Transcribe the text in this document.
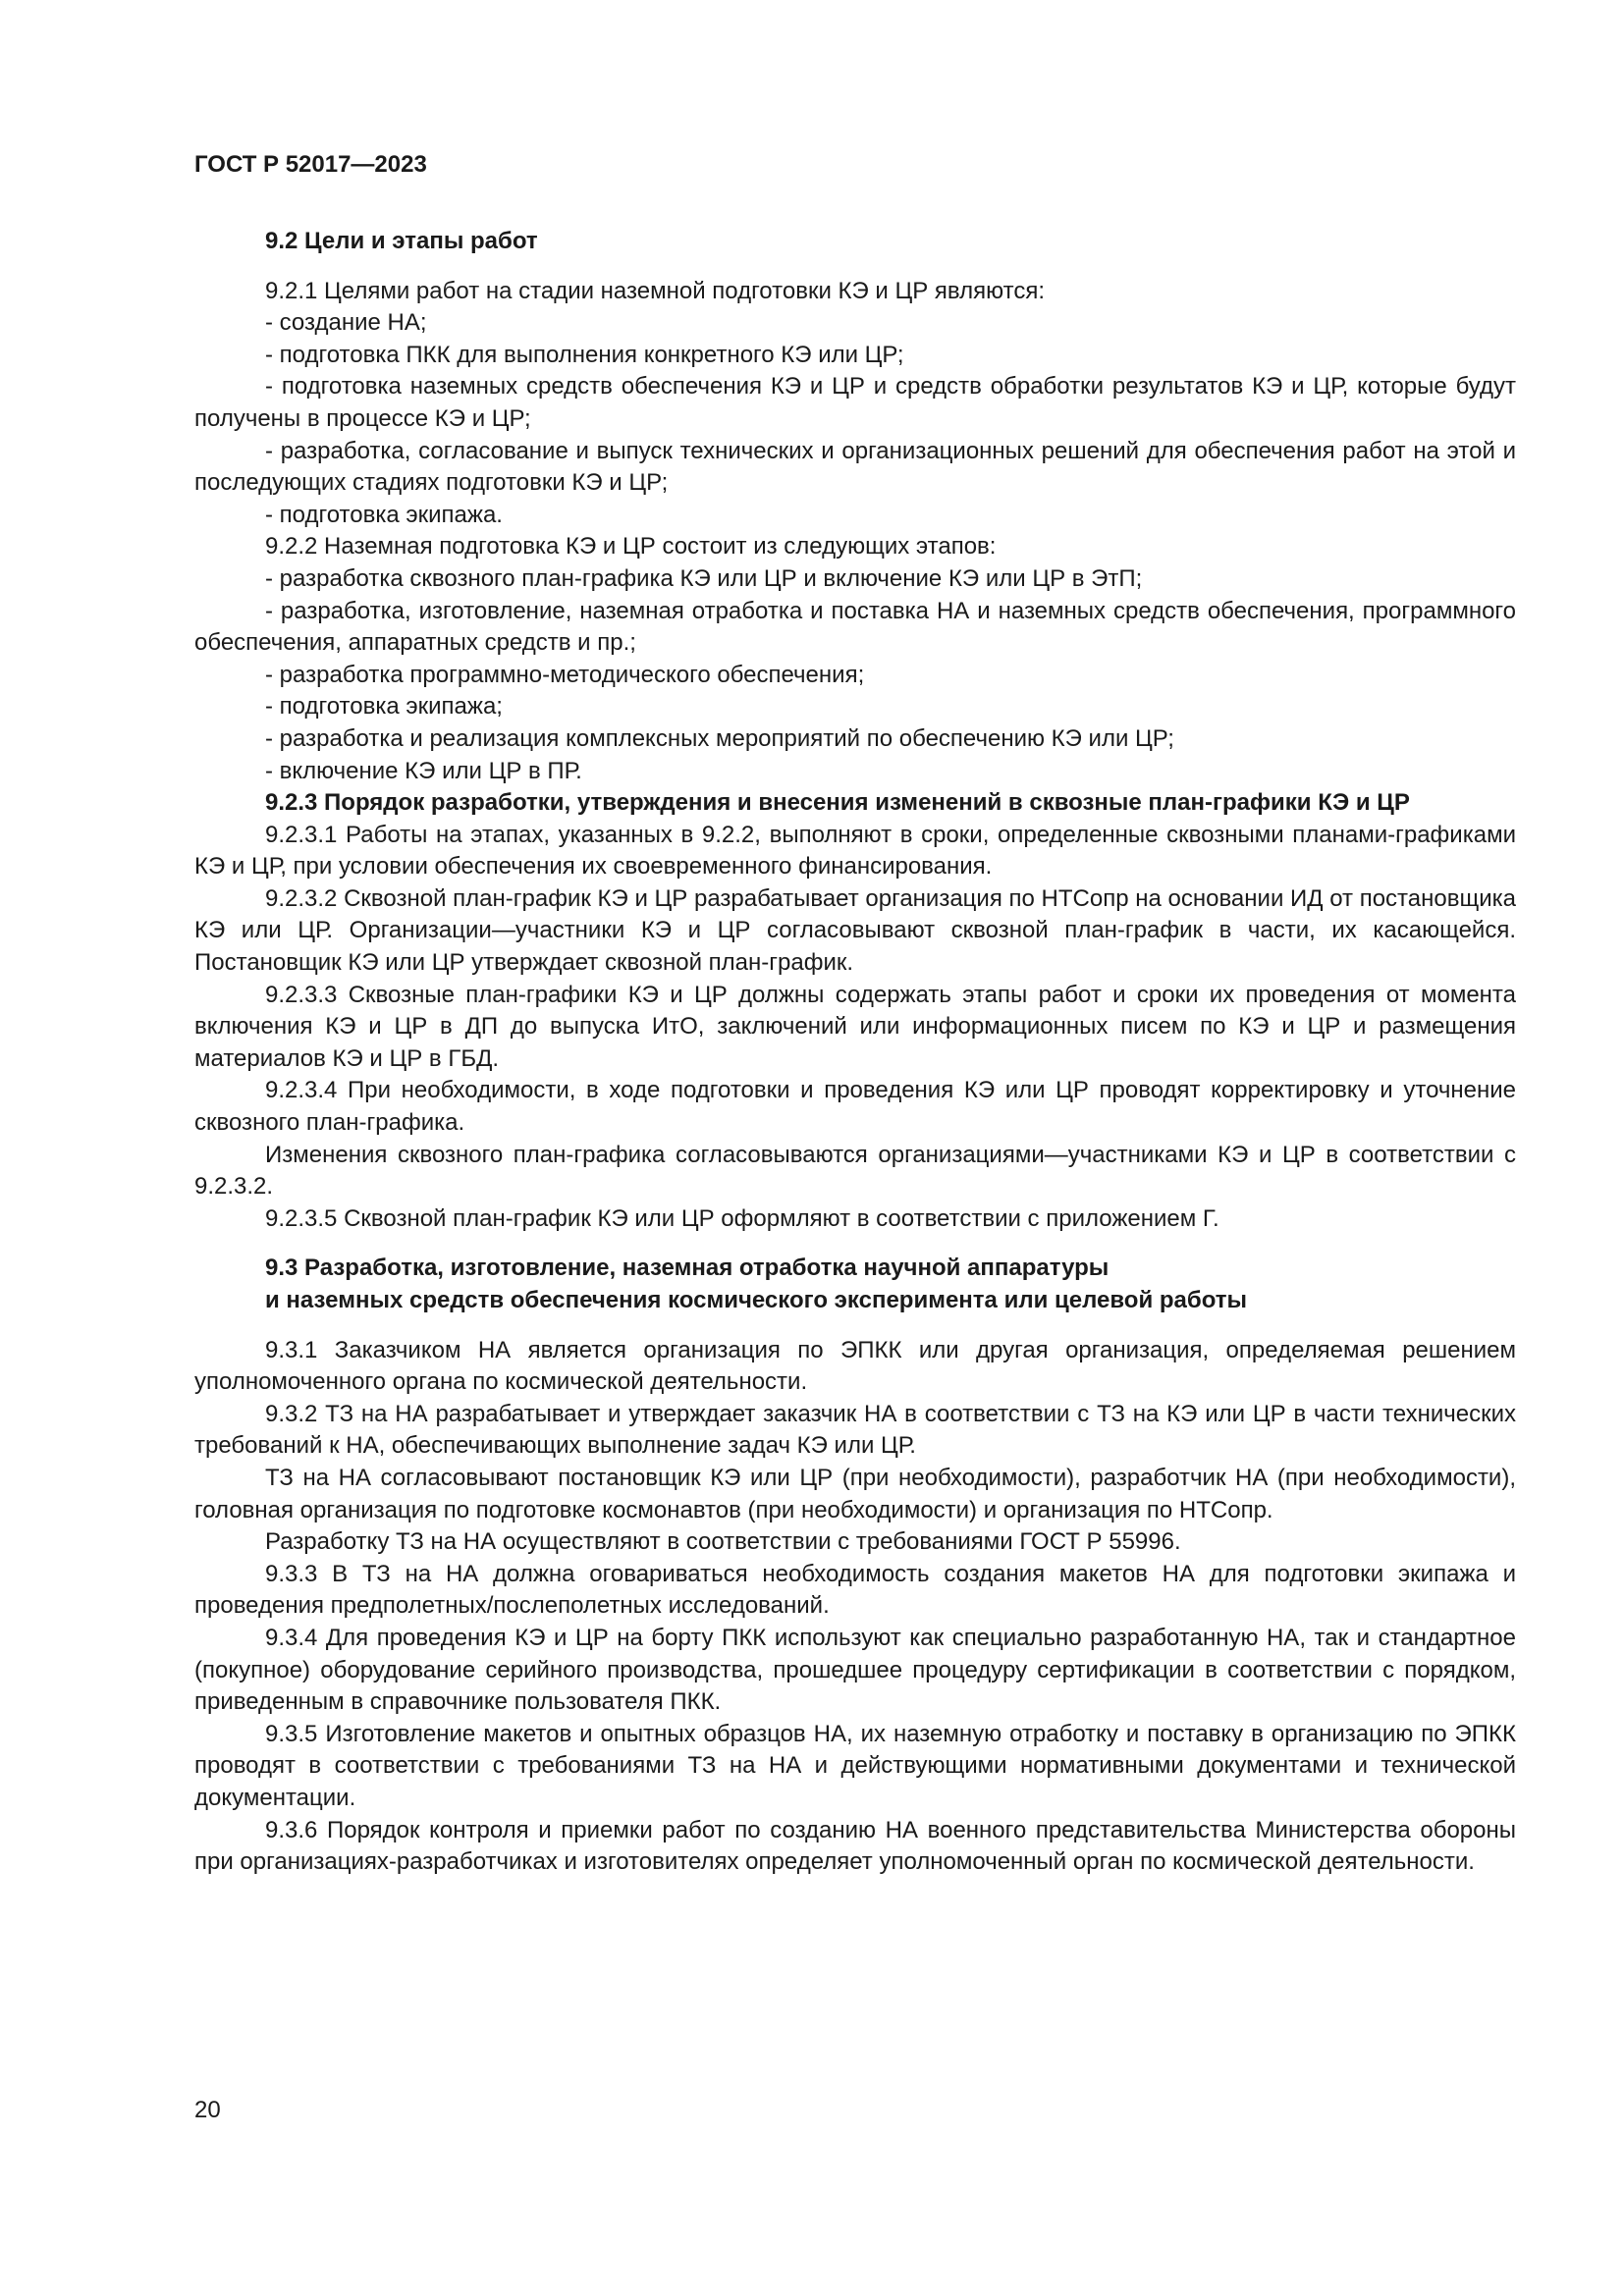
ГОСТ Р 52017—2023

9.2 Цели и этапы работ

9.2.1 Целями работ на стадии наземной подготовки КЭ и ЦР являются:

- создание НА;

- подготовка ПКК для выполнения конкретного КЭ или ЦР;

- подготовка наземных средств обеспечения КЭ и ЦР и средств обработки результатов КЭ и ЦР, которые будут получены в процессе КЭ и ЦР;

- разработка, согласование и выпуск технических и организационных решений для обеспечения работ на этой и последующих стадиях подготовки КЭ и ЦР;

- подготовка экипажа.

9.2.2 Наземная подготовка КЭ и ЦР состоит из следующих этапов:

- разработка сквозного план-графика КЭ или ЦР и включение КЭ или ЦР в ЭтП;

- разработка, изготовление, наземная отработка и поставка НА и наземных средств обеспечения, программного обеспечения, аппаратных средств и пр.;

- разработка программно-методического обеспечения;

- подготовка экипажа;

- разработка и реализация комплексных мероприятий по обеспечению КЭ или ЦР;

- включение КЭ или ЦР в ПР.

9.2.3 Порядок разработки, утверждения и внесения изменений в сквозные план-графики КЭ и ЦР

9.2.3.1 Работы на этапах, указанных в 9.2.2, выполняют в сроки, определенные сквозными планами-графиками КЭ и ЦР, при условии обеспечения их своевременного финансирования.

9.2.3.2 Сквозной план-график КЭ и ЦР разрабатывает организация по НТСопр на основании ИД от постановщика КЭ или ЦР. Организации—участники КЭ и ЦР согласовывают сквозной план-график в части, их касающейся. Постановщик КЭ или ЦР утверждает сквозной план-график.

9.2.3.3 Сквозные план-графики КЭ и ЦР должны содержать этапы работ и сроки их проведения от момента включения КЭ и ЦР в ДП до выпуска ИтО, заключений или информационных писем по КЭ и ЦР и размещения материалов КЭ и ЦР в ГБД.

9.2.3.4 При необходимости, в ходе подготовки и проведения КЭ или ЦР проводят корректировку и уточнение сквозного план-графика.

Изменения сквозного план-графика согласовываются организациями—участниками КЭ и ЦР в соответствии с 9.2.3.2.

9.2.3.5 Сквозной план-график КЭ или ЦР оформляют в соответствии с приложением Г.

9.3 Разработка, изготовление, наземная отработка научной аппаратуры

и наземных средств обеспечения космического эксперимента или целевой работы

9.3.1 Заказчиком НА является организация по ЭПКК или другая организация, определяемая решением уполномоченного органа по космической деятельности.

9.3.2 ТЗ на НА разрабатывает и утверждает заказчик НА в соответствии с ТЗ на КЭ или ЦР в части технических требований к НА, обеспечивающих выполнение задач КЭ или ЦР.

ТЗ на НА согласовывают постановщик КЭ или ЦР (при необходимости), разработчик НА (при необходимости), головная организация по подготовке космонавтов (при необходимости) и организация по НТСопр.

Разработку ТЗ на НА осуществляют в соответствии с требованиями ГОСТ Р 55996.

9.3.3 В ТЗ на НА должна оговариваться необходимость создания макетов НА для подготовки экипажа и проведения предполетных/послеполетных исследований.

9.3.4 Для проведения КЭ и ЦР на борту ПКК используют как специально разработанную НА, так и стандартное (покупное) оборудование серийного производства, прошедшее процедуру сертификации в соответствии с порядком, приведенным в справочнике пользователя ПКК.

9.3.5 Изготовление макетов и опытных образцов НА, их наземную отработку и поставку в организацию по ЭПКК проводят в соответствии с требованиями ТЗ на НА и действующими нормативными документами и технической документации.

9.3.6 Порядок контроля и приемки работ по созданию НА военного представительства Министерства обороны при организациях-разработчиках и изготовителях определяет уполномоченный орган по космической деятельности.

20
